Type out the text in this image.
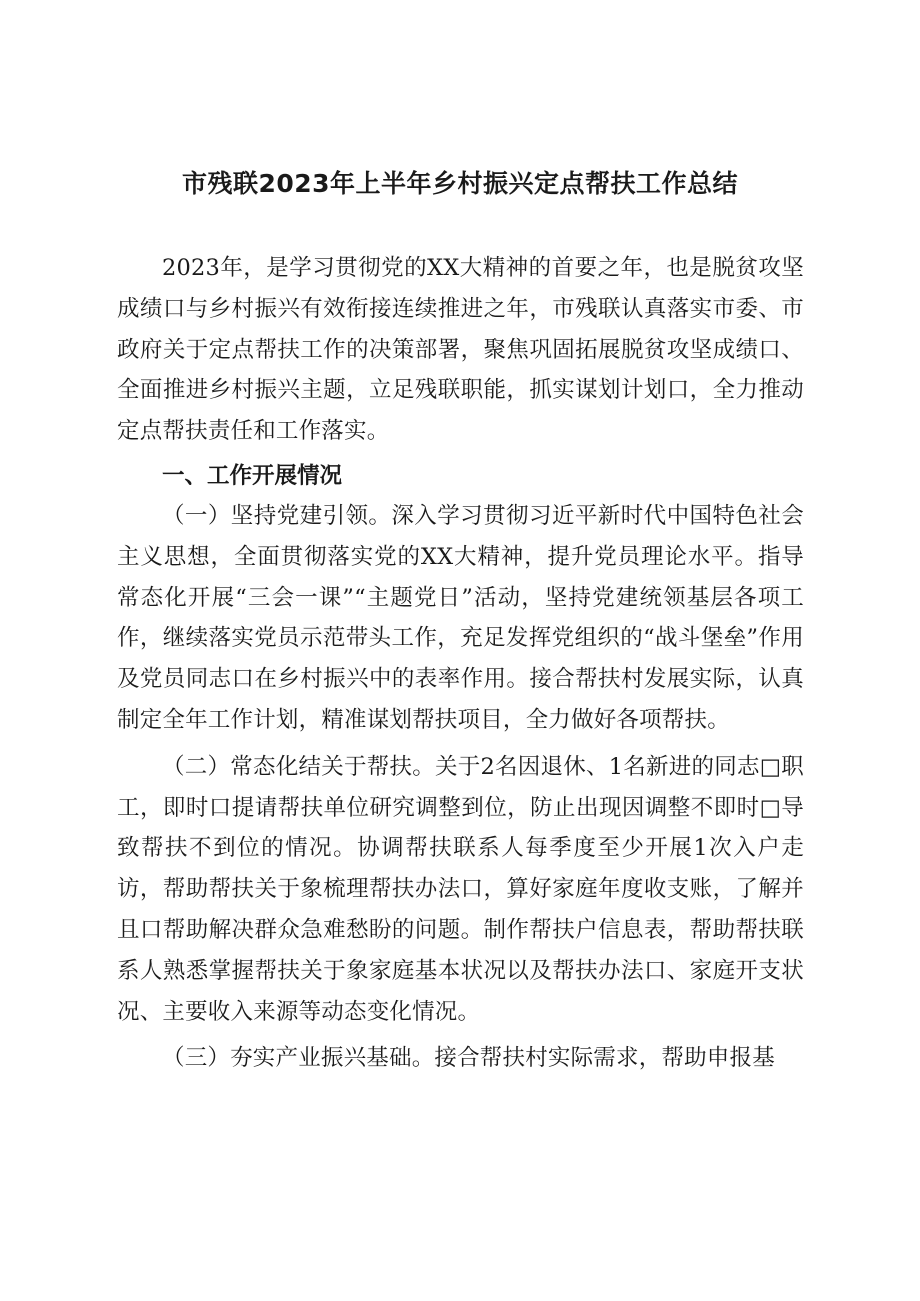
市残联2023年上半年乡村振兴定点帮扶工作总结

2023年，是学习贯彻党的XX大精神的首要之年，也是脱贫攻坚成绩口与乡村振兴有效衔接连续推进之年，市残联认真落实市委、市政府关于定点帮扶工作的决策部署，聚焦巩固拓展脱贫攻坚成绩口、全面推进乡村振兴主题，立足残联职能，抓实谋划计划口，全力推动定点帮扶责任和工作落实。

一、工作开展情况

（一）坚持党建引领。深入学习贯彻习近平新时代中国特色社会主义思想，全面贯彻落实党的XX大精神，提升党员理论水平。指导常态化开展“三会一课”“主题党日”活动，坚持党建统领基层各项工作，继续落实党员示范带头工作，充足发挥党组织的“战斗堡垒”作用及党员同志口在乡村振兴中的表率作用。接合帮扶村发展实际，认真制定全年工作计划，精准谋划帮扶项目，全力做好各项帮扶。

（二）常态化结关于帮扶。关于2名因退休、1名新进的同志□职工，即时口提请帮扶单位研究调整到位，防止出现因调整不即时□导致帮扶不到位的情况。协调帮扶联系人每季度至少开展1次入户走访，帮助帮扶关于象梳理帮扶办法口，算好家庭年度收支账，了解并且口帮助解决群众急难愁盼的问题。制作帮扶户信息表，帮助帮扶联系人熟悉掌握帮扶关于象家庭基本状况以及帮扶办法口、家庭开支状况、主要收入来源等动态变化情况。

（三）夯实产业振兴基础。接合帮扶村实际需求，帮助申报基
